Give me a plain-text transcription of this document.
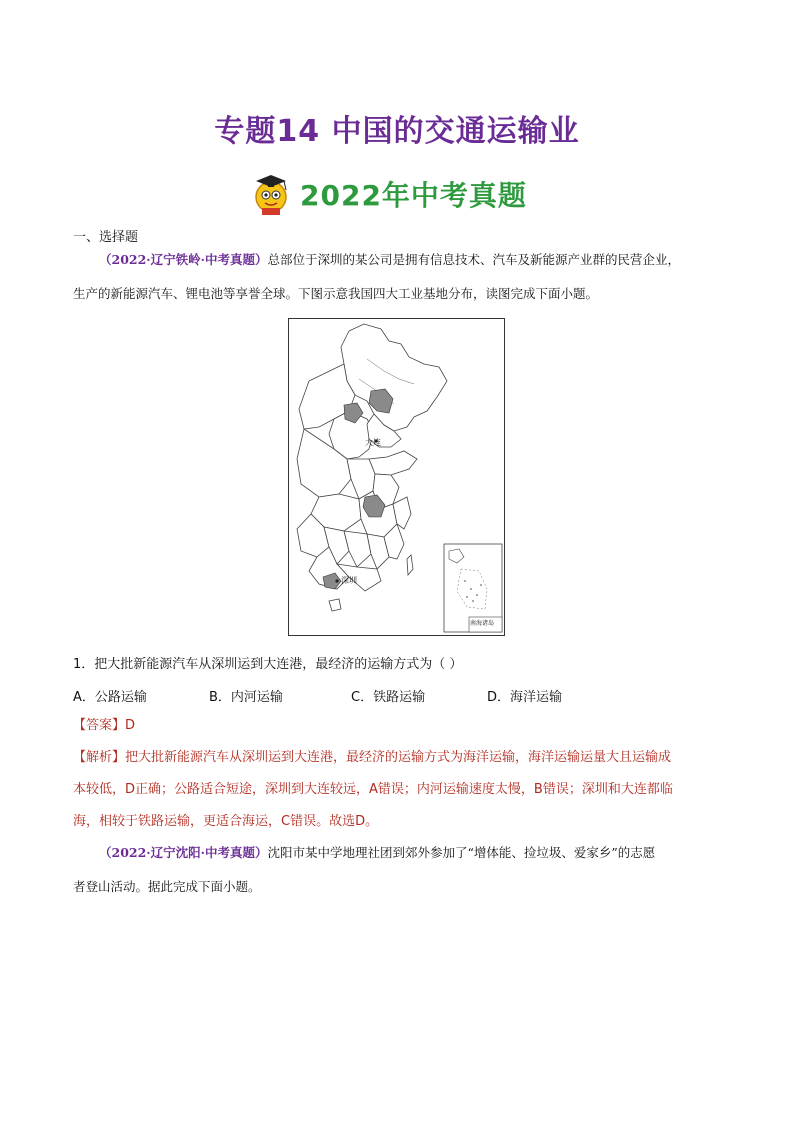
专题14 中国的交通运输业
2022年中考真题
一、选择题
（2022·辽宁铁岭·中考真题）总部位于深圳的某公司是拥有信息技术、汽车及新能源产业群的民营企业，
生产的新能源汽车、锂电池等享誉全球。下图示意我国四大工业基地分布，读图完成下面小题。
大连
深圳
南海诸岛
1．把大批新能源汽车从深圳运到大连港，最经济的运输方式为（ ）
A．公路运输	B．内河运输	C．铁路运输	D．海洋运输
【答案】D
【解析】把大批新能源汽车从深圳运到大连港，最经济的运输方式为海洋运输，海洋运输运量大且运输成
本较低，D正确；公路适合短途，深圳到大连较远，A错误；内河运输速度太慢，B错误；深圳和大连都临
海，相较于铁路运输，更适合海运，C错误。故选D。
（2022·辽宁沈阳·中考真题）沈阳市某中学地理社团到郊外参加了“增体能、捡垃圾、爱家乡”的志愿
者登山活动。据此完成下面小题。
